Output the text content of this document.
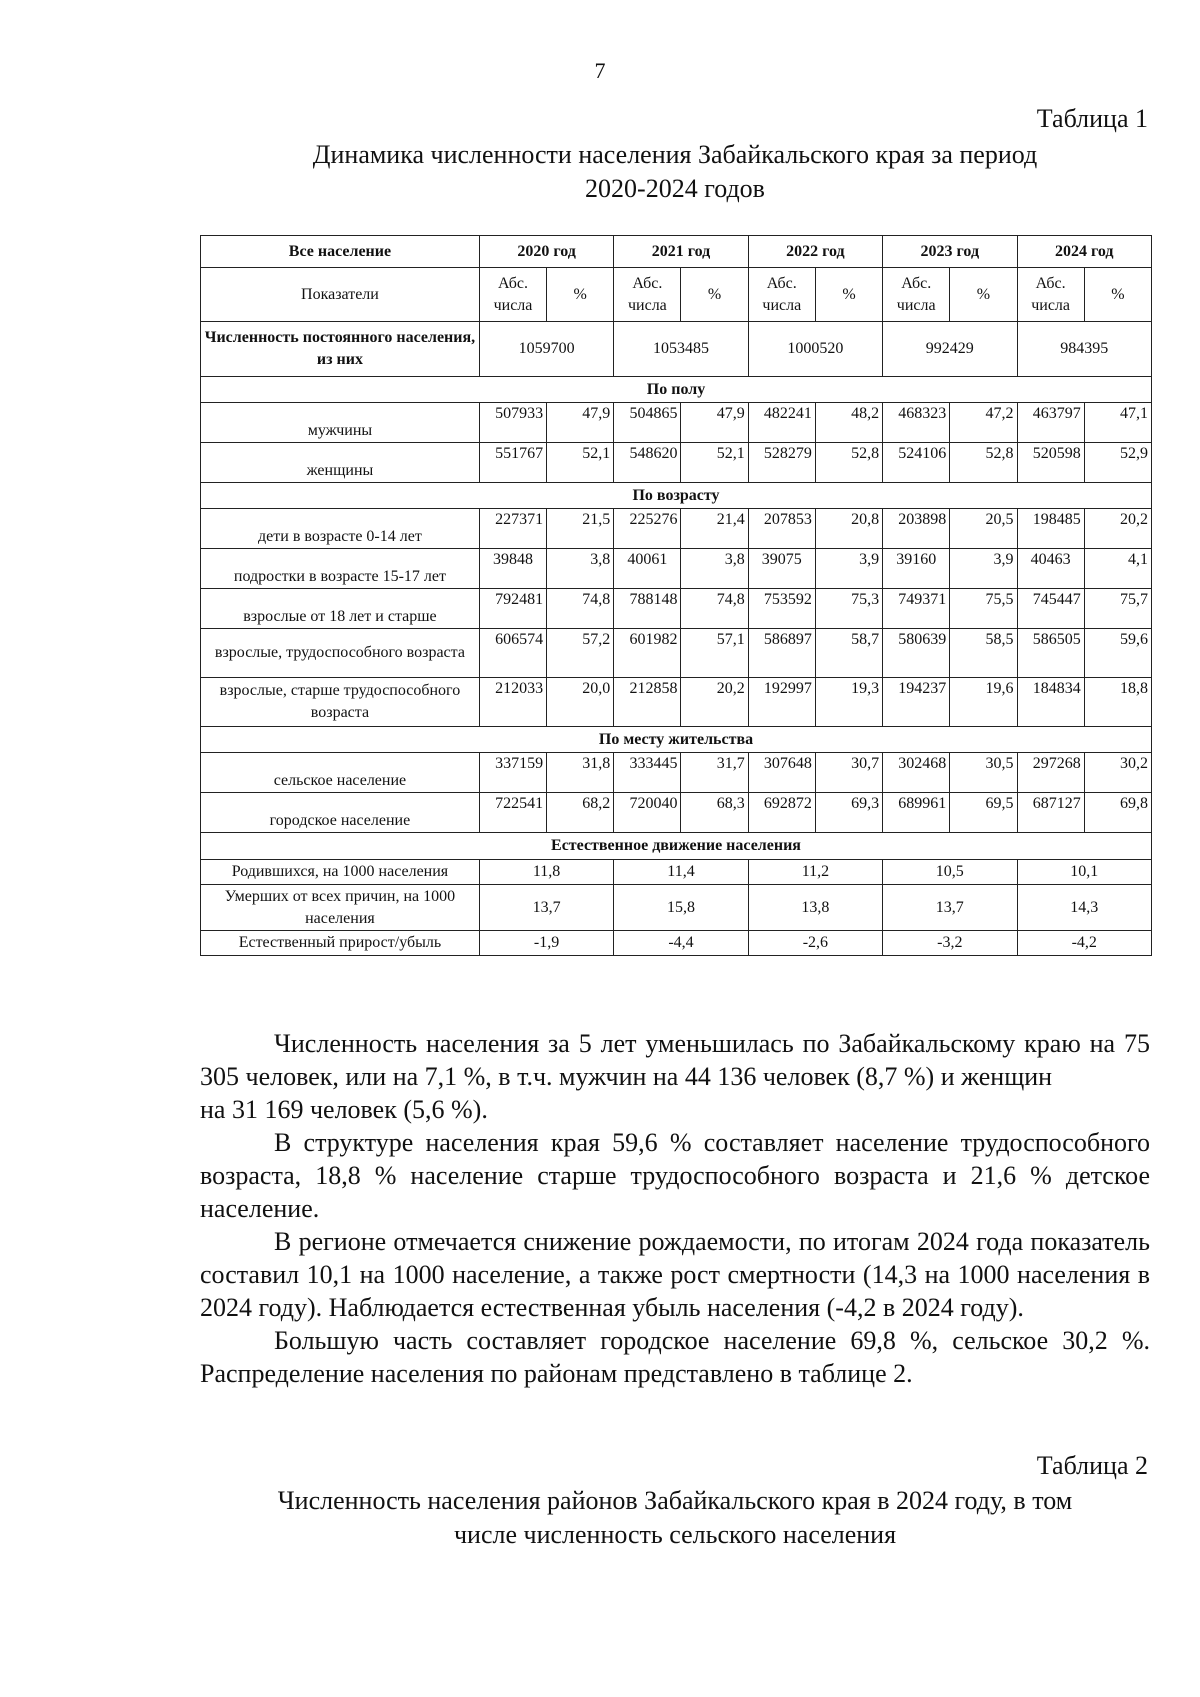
7
Таблица 1
Динамика численности населения Забайкальского края за период
2020-2024 годов
Все население	2020 год		2021 год		2022 год		2023 год		2024 год	
Показатели	Абс. числа	%	Абс. числа	%	Абс. числа	%	Абс. числа	%	Абс. числа	%
Численность постоянного населения, из них	1059700		1053485		1000520		992429		984395	
По полу										
мужчины	507933	47,9	504865	47,9	482241	48,2	468323	47,2	463797	47,1
женщины	551767	52,1	548620	52,1	528279	52,8	524106	52,8	520598	52,9
По возрасту										
дети в возрасте 0-14 лет	227371	21,5	225276	21,4	207853	20,8	203898	20,5	198485	20,2
подростки в возрасте 15-17 лет	39848	3,8	40061	3,8	39075	3,9	39160	3,9	40463	4,1
взрослые от 18 лет и старше	792481	74,8	788148	74,8	753592	75,3	749371	75,5	745447	75,7
взрослые, трудоспособного возраста	606574	57,2	601982	57,1	586897	58,7	580639	58,5	586505	59,6
взрослые, старше трудоспособного возраста	212033	20,0	212858	20,2	192997	19,3	194237	19,6	184834	18,8
По месту жительства										
сельское население	337159	31,8	333445	31,7	307648	30,7	302468	30,5	297268	30,2
городское население	722541	68,2	720040	68,3	692872	69,3	689961	69,5	687127	69,8
Естественное движение населения										
Родившихся, на 1000 населения	11,8		11,4		11,2		10,5		10,1	
Умерших от всех причин, на 1000 населения	13,7		15,8		13,8		13,7		14,3	
Естественный прирост/убыль	-1,9		-4,4		-2,6		-3,2		-4,2	

Численность населения за 5 лет уменьшилась по Забайкальскому краю на 75 305 человек, или на 7,1 %, в т.ч. мужчин на 44 136 человек (8,7 %) и женщин

на 31 169 человек (5,6 %).

В структуре населения края 59,6 % составляет население трудоспособного возраста, 18,8 % население старше трудоспособного возраста и 21,6 % детское население.

В регионе отмечается снижение рождаемости, по итогам 2024 года показатель составил 10,1 на 1000 население, а также рост смертности (14,3 на 1000 населения в 2024 году). Наблюдается естественная убыль населения (-4,2 в 2024 году).

Большую часть составляет городское население 69,8 %, сельское 30,2 %. Распределение населения по районам представлено в таблице 2.

Таблица 2
Численность населения районов Забайкальского края в 2024 году, в том
числе численность сельского населения
